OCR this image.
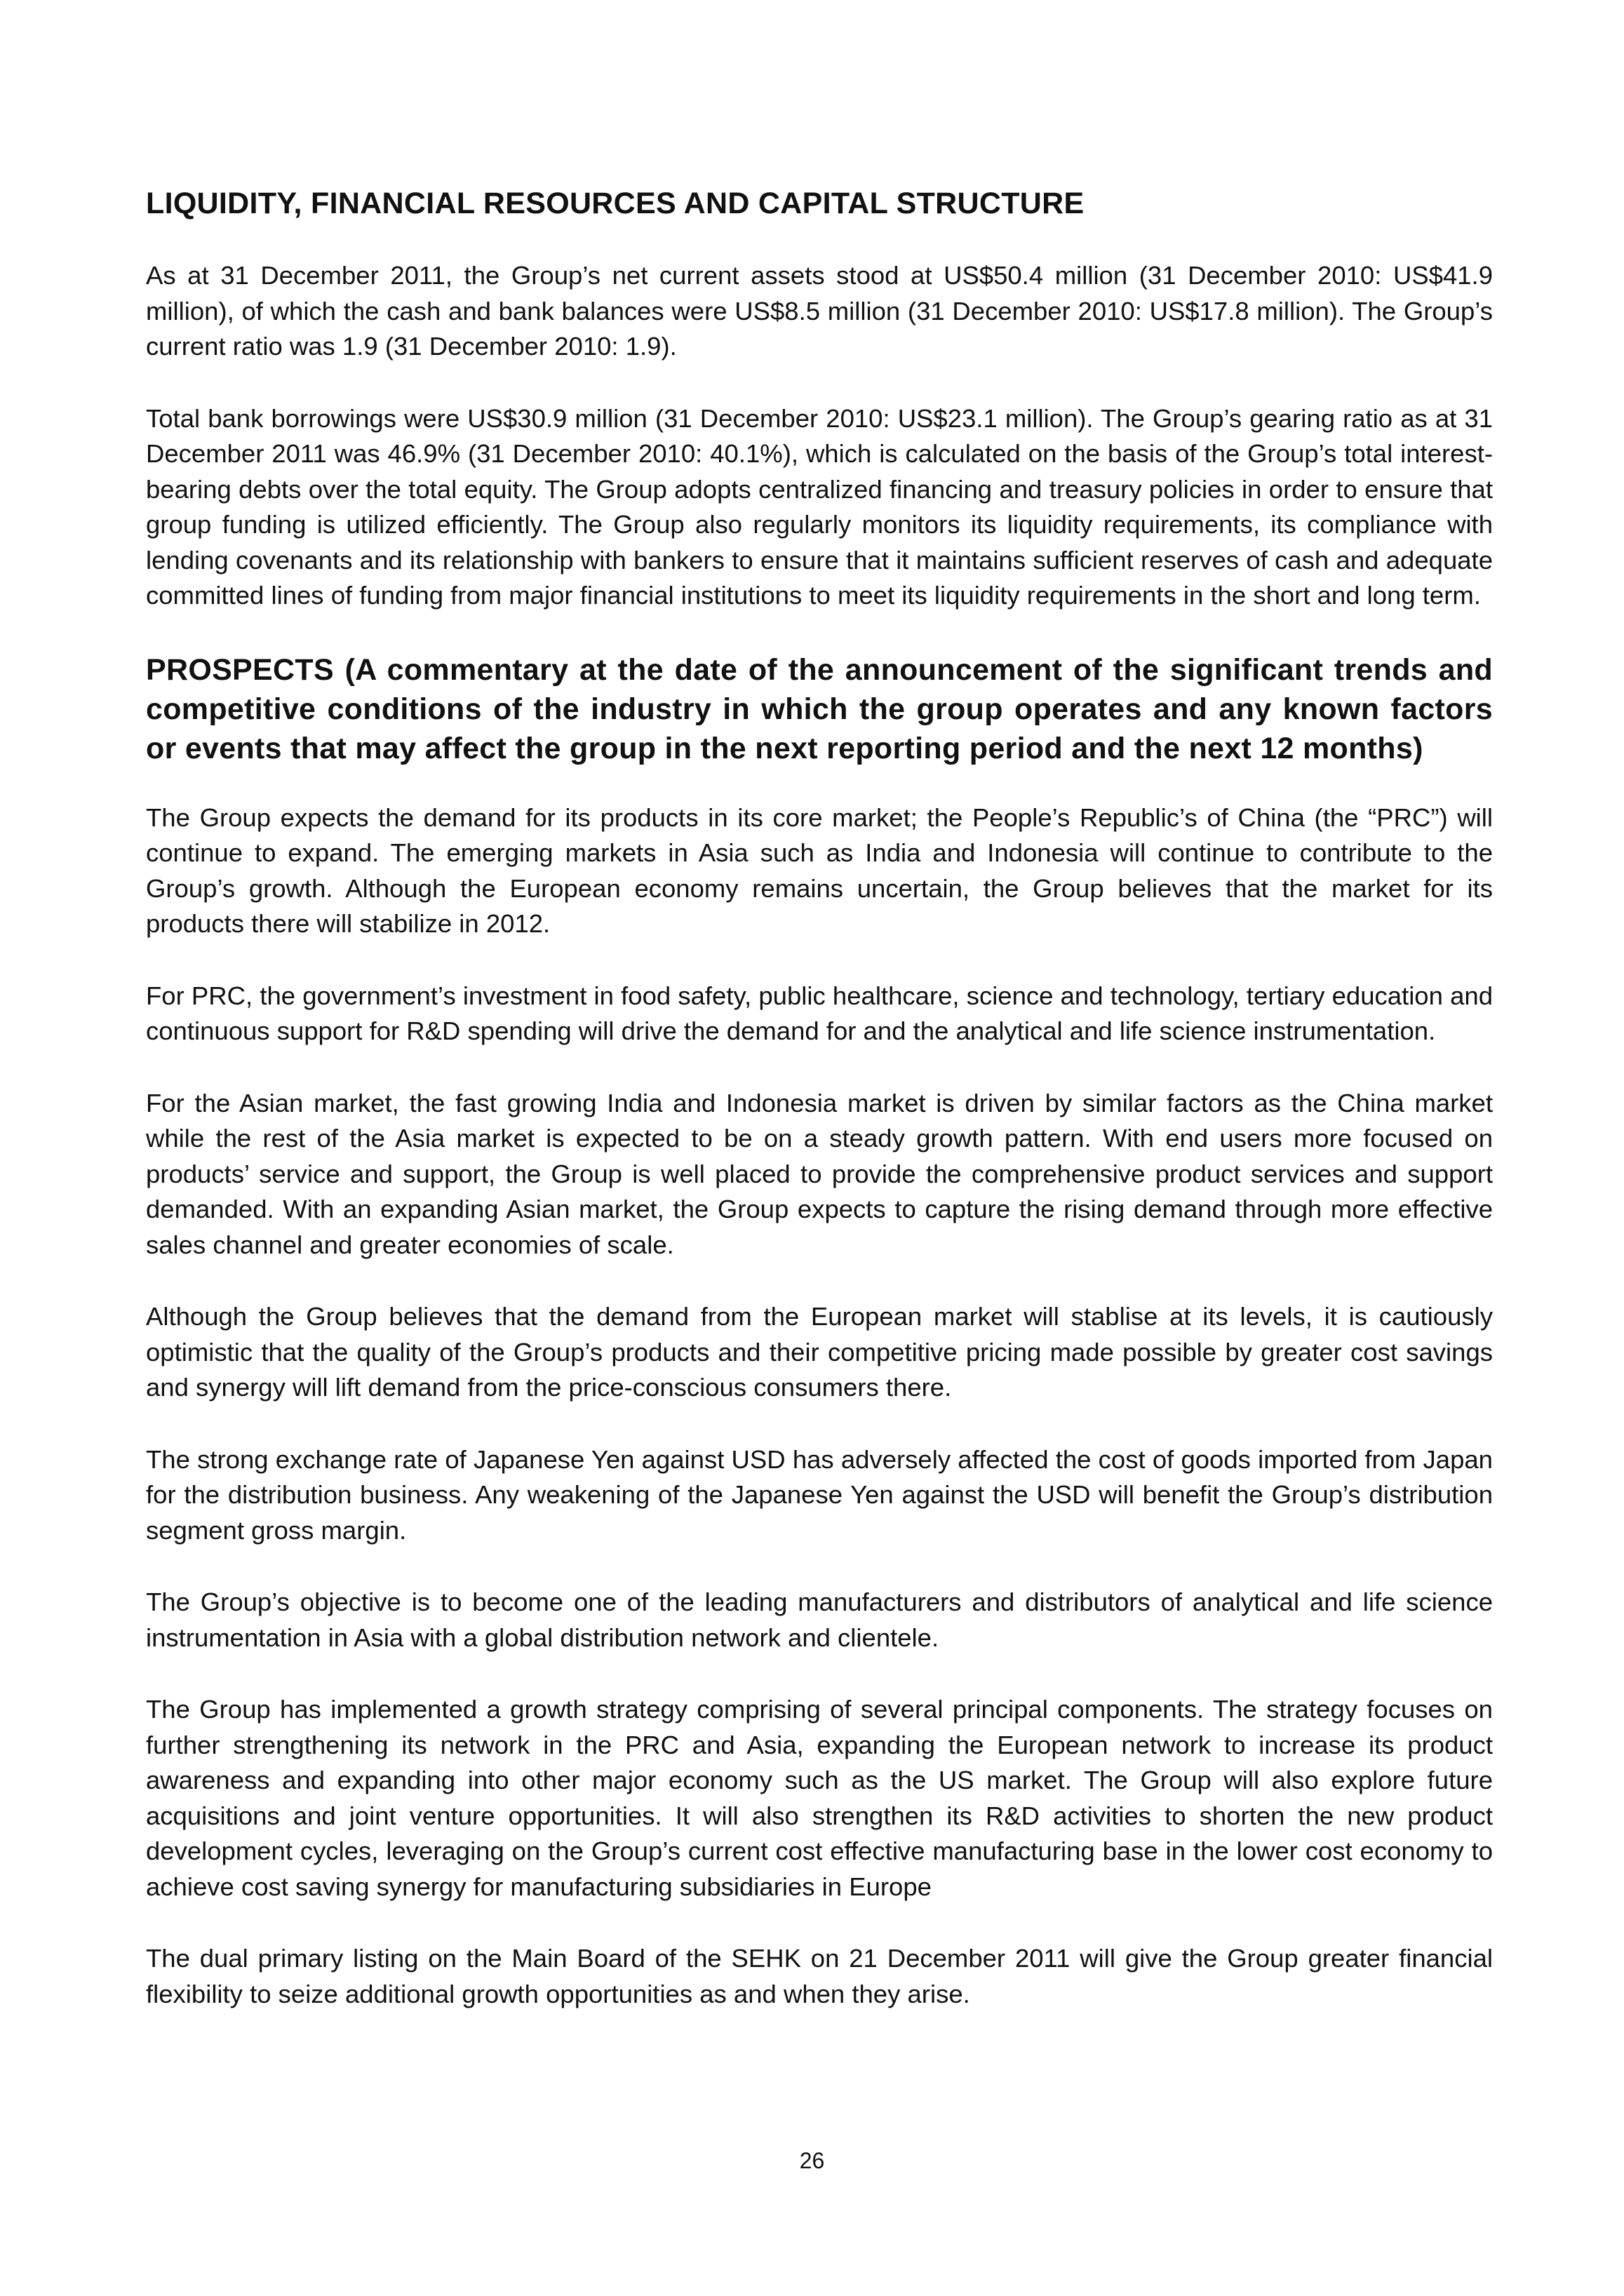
LIQUIDITY, FINANCIAL RESOURCES AND CAPITAL STRUCTURE

As at 31 December 2011, the Group’s net current assets stood at US$50.4 million (31 December 2010: US$41.9 million), of which the cash and bank balances were US$8.5 million (31 December 2010: US$17.8 million). The Group’s current ratio was 1.9 (31 December 2010: 1.9).

Total bank borrowings were US$30.9 million (31 December 2010: US$23.1 million). The Group’s gearing ratio as at 31 December 2011 was 46.9% (31 December 2010: 40.1%), which is calculated on the basis of the Group’s total interest-bearing debts over the total equity. The Group adopts centralized financing and treasury policies in order to ensure that group funding is utilized efficiently. The Group also regularly monitors its liquidity requirements, its compliance with lending covenants and its relationship with bankers to ensure that it maintains sufficient reserves of cash and adequate committed lines of funding from major financial institutions to meet its liquidity requirements in the short and long term.

PROSPECTS (A commentary at the date of the announcement of the significant trends and competitive conditions of the industry in which the group operates and any known factors or events that may affect the group in the next reporting period and the next 12 months)

The Group expects the demand for its products in its core market; the People’s Republic’s of China (the “PRC”) will continue to expand. The emerging markets in Asia such as India and Indonesia will continue to contribute to the Group’s growth. Although the European economy remains uncertain, the Group believes that the market for its products there will stabilize in 2012.

For PRC, the government’s investment in food safety, public healthcare, science and technology, tertiary education and continuous support for R&D spending will drive the demand for and the analytical and life science instrumentation.

For the Asian market, the fast growing India and Indonesia market is driven by similar factors as the China market while the rest of the Asia market is expected to be on a steady growth pattern. With end users more focused on products’ service and support, the Group is well placed to provide the comprehensive product services and support demanded. With an expanding Asian market, the Group expects to capture the rising demand through more effective sales channel and greater economies of scale.

Although the Group believes that the demand from the European market will stablise at its levels, it is cautiously optimistic that the quality of the Group’s products and their competitive pricing made possible by greater cost savings and synergy will lift demand from the price-conscious consumers there.

The strong exchange rate of Japanese Yen against USD has adversely affected the cost of goods imported from Japan for the distribution business. Any weakening of the Japanese Yen against the USD will benefit the Group’s distribution segment gross margin.

The Group’s objective is to become one of the leading manufacturers and distributors of analytical and life science instrumentation in Asia with a global distribution network and clientele.

The Group has implemented a growth strategy comprising of several principal components. The strategy focuses on further strengthening its network in the PRC and Asia, expanding the European network to increase its product awareness and expanding into other major economy such as the US market. The Group will also explore future acquisitions and joint venture opportunities. It will also strengthen its R&D activities to shorten the new product development cycles, leveraging on the Group’s current cost effective manufacturing base in the lower cost economy to achieve cost saving synergy for manufacturing subsidiaries in Europe

The dual primary listing on the Main Board of the SEHK on 21 December 2011 will give the Group greater financial flexibility to seize additional growth opportunities as and when they arise.

26
